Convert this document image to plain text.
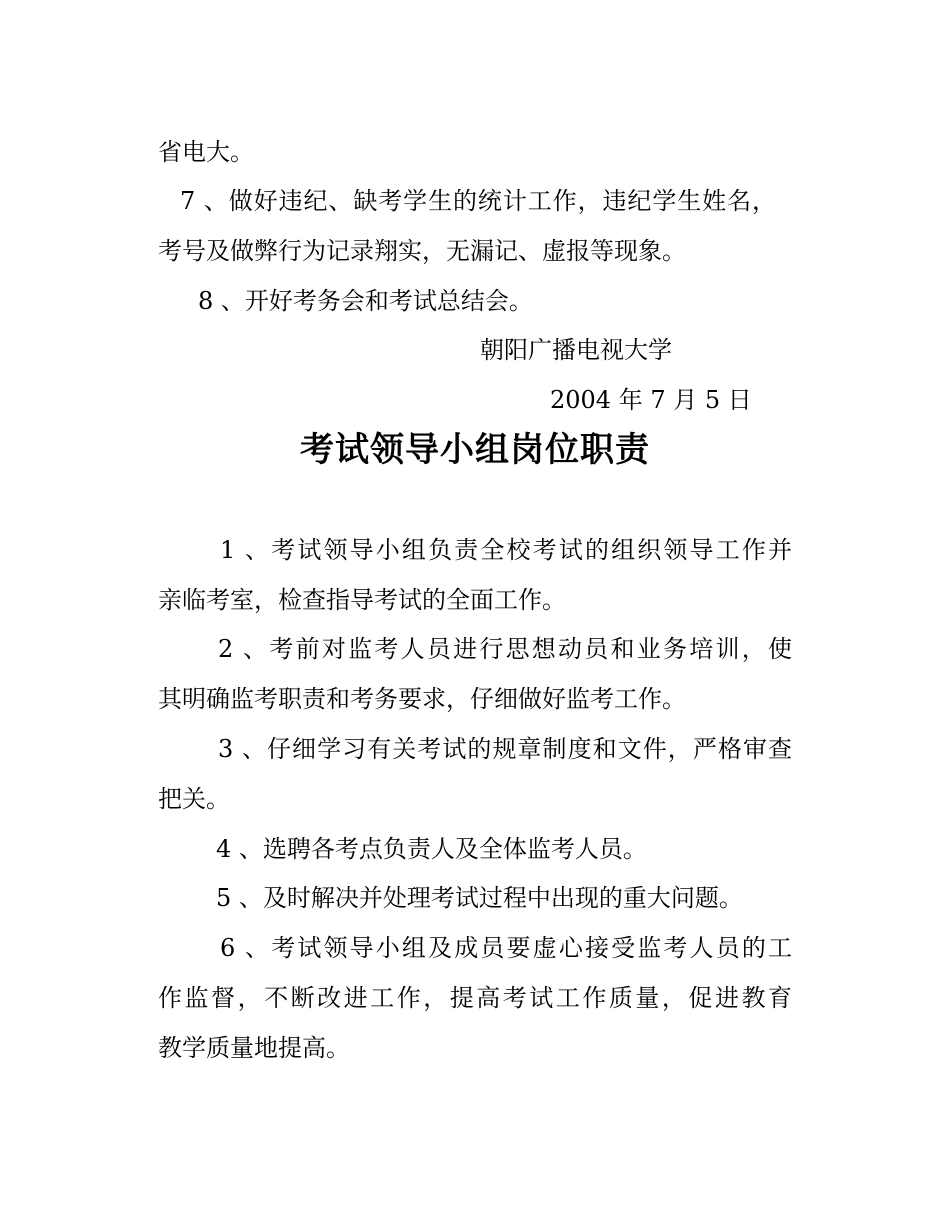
省电大。
7 、做好违纪、缺考学生的统计工作，违纪学生姓名，
考号及做弊行为记录翔实，无漏记、虚报等现象。
8 、开好考务会和考试总结会。
朝阳广播电视大学
2004 年 7 月 5 日
考试领导小组岗位职责
1 、考试领导小组负责全校考试的组织领导工作并
亲临考室，检查指导考试的全面工作。
2 、考前对监考人员进行思想动员和业务培训，使
其明确监考职责和考务要求，仔细做好监考工作。
3 、仔细学习有关考试的规章制度和文件，严格审查
把关。
4 、选聘各考点负责人及全体监考人员。
5 、及时解决并处理考试过程中出现的重大问题。
6 、考试领导小组及成员要虚心接受监考人员的工
作监督，不断改进工作，提高考试工作质量，促进教育
教学质量地提高。
